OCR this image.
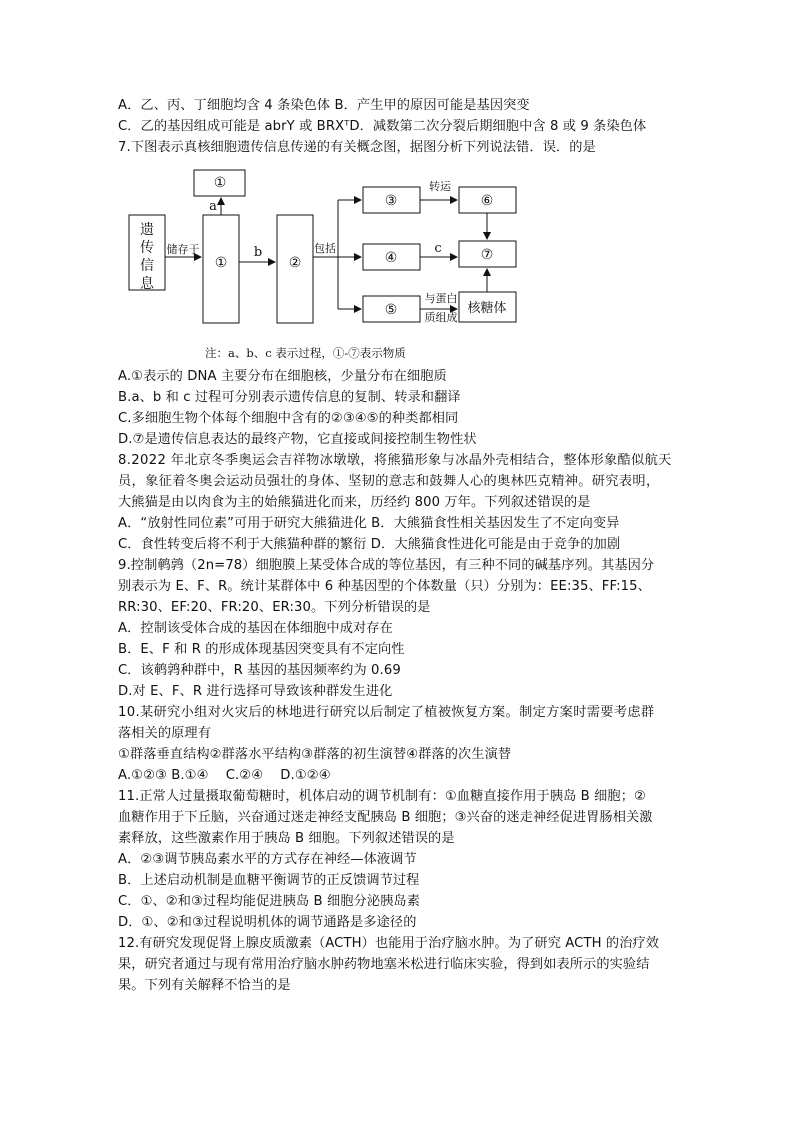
A．乙、丙、丁细胞均含 4 条染色体 B．产生甲的原因可能是基因突变
C．乙的基因组成可能是 abrY 或 BRXᵀD．减数第二次分裂后期细胞中含 8 或 9 条染色体
7.下图表示真核细胞遗传信息传递的有关概念图，据图分析下列说法错．误．的是
遗
传
信
息
储存于
①
a
①
b
②
包括
③
④
⑤
转运
c
与蛋白
质组成
⑥
⑦
核糖体
注：a、b、c 表示过程，①-⑦表示物质
A.①表示的 DNA 主要分布在细胞核，少量分布在细胞质
B.a、b 和 c 过程可分别表示遗传信息的复制、转录和翻译
C.多细胞生物个体每个细胞中含有的②③④⑤的种类都相同
D.⑦是遗传信息表达的最终产物，它直接或间接控制生物性状
8.2022 年北京冬季奥运会吉祥物冰墩墩，将熊猫形象与冰晶外壳相结合，整体形象酷似航天
员，象征着冬奥会运动员强壮的身体、坚韧的意志和鼓舞人心的奥林匹克精神。研究表明，
大熊猫是由以肉食为主的始熊猫进化而来，历经约 800 万年。下列叙述错误的是
A．“放射性同位素”可用于研究大熊猫进化 B．大熊猫食性相关基因发生了不定向变异
C．食性转变后将不利于大熊猫种群的繁衍 D．大熊猫食性进化可能是由于竞争的加剧
9.控制鹌鹑（2n=78）细胞膜上某受体合成的等位基因，有三种不同的碱基序列。其基因分
别表示为 E、F、R。统计某群体中 6 种基因型的个体数量（只）分别为：EE:35、FF:15、
RR:30、EF:20、FR:20、ER:30。下列分析错误的是
A．控制该受体合成的基因在体细胞中成对存在
B．E、F 和 R 的形成体现基因突变具有不定向性
C．该鹌鹑种群中，R 基因的基因频率约为 0.69
D.对 E、F、R 进行选择可导致该种群发生进化
10.某研究小组对火灾后的林地进行研究以后制定了植被恢复方案。制定方案时需要考虑群
落相关的原理有
①群落垂直结构②群落水平结构③群落的初生演替④群落的次生演替
A.①②③ B.①④    C.②④    D.①②④
11.正常人过量摄取葡萄糖时，机体启动的调节机制有：①血糖直接作用于胰岛 B 细胞；②
血糖作用于下丘脑，兴奋通过迷走神经支配胰岛 B 细胞；③兴奋的迷走神经促进胃肠相关激
素释放，这些激素作用于胰岛 B 细胞。下列叙述错误的是
A．②③调节胰岛素水平的方式存在神经—体液调节
B．上述启动机制是血糖平衡调节的正反馈调节过程
C．①、②和③过程均能促进胰岛 B 细胞分泌胰岛素
D．①、②和③过程说明机体的调节通路是多途径的
12.有研究发现促肾上腺皮质激素（ACTH）也能用于治疗脑水肿。为了研究 ACTH 的治疗效
果，研究者通过与现有常用治疗脑水肿药物地塞米松进行临床实验，得到如表所示的实验结
果。下列有关解释不恰当的是
